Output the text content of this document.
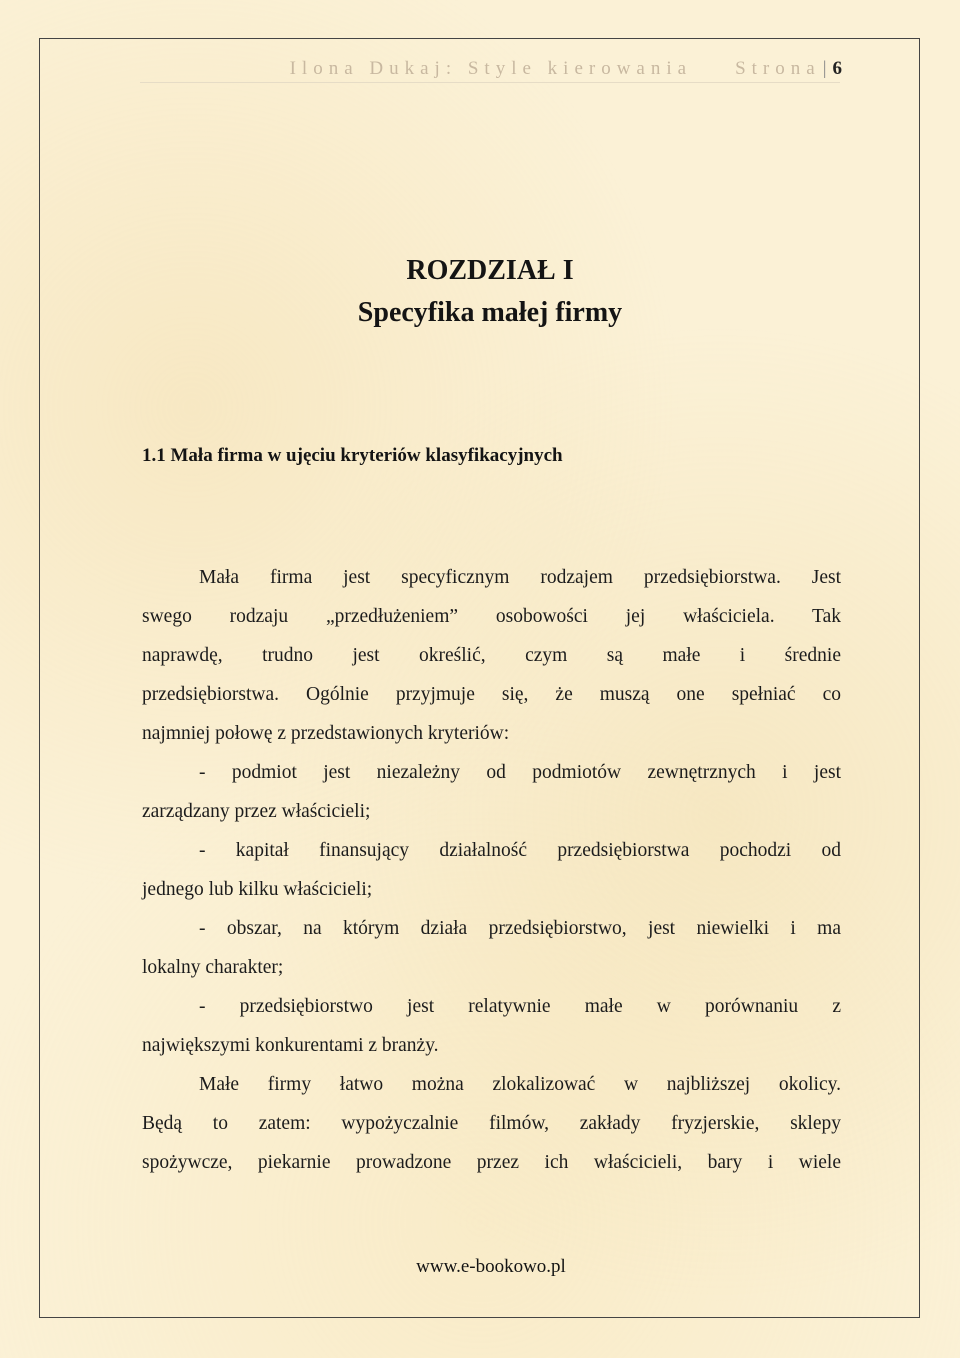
Ilona Dukaj: Style kierowania Strona | 6
ROZDZIAŁ I
Specyfika małej firmy
1.1 Mała firma w ujęciu kryteriów klasyfikacyjnych
Mała firma jest specyficznym rodzajem przedsiębiorstwa. Jest
swego rodzaju „przedłużeniem” osobowości jej właściciela. Tak
naprawdę, trudno jest określić, czym są małe i średnie
przedsiębiorstwa. Ogólnie przyjmuje się, że muszą one spełniać co
najmniej połowę z przedstawionych kryteriów:
- podmiot jest niezależny od podmiotów zewnętrznych i jest
zarządzany przez właścicieli;
- kapitał finansujący działalność przedsiębiorstwa pochodzi od
jednego lub kilku właścicieli;
- obszar, na którym działa przedsiębiorstwo, jest niewielki i ma
lokalny charakter;
- przedsiębiorstwo jest relatywnie małe w porównaniu z
największymi konkurentami z branży.
Małe firmy łatwo można zlokalizować w najbliższej okolicy.
Będą to zatem: wypożyczalnie filmów, zakłady fryzjerskie, sklepy
spożywcze, piekarnie prowadzone przez ich właścicieli, bary i wiele
www.e-bookowo.pl
